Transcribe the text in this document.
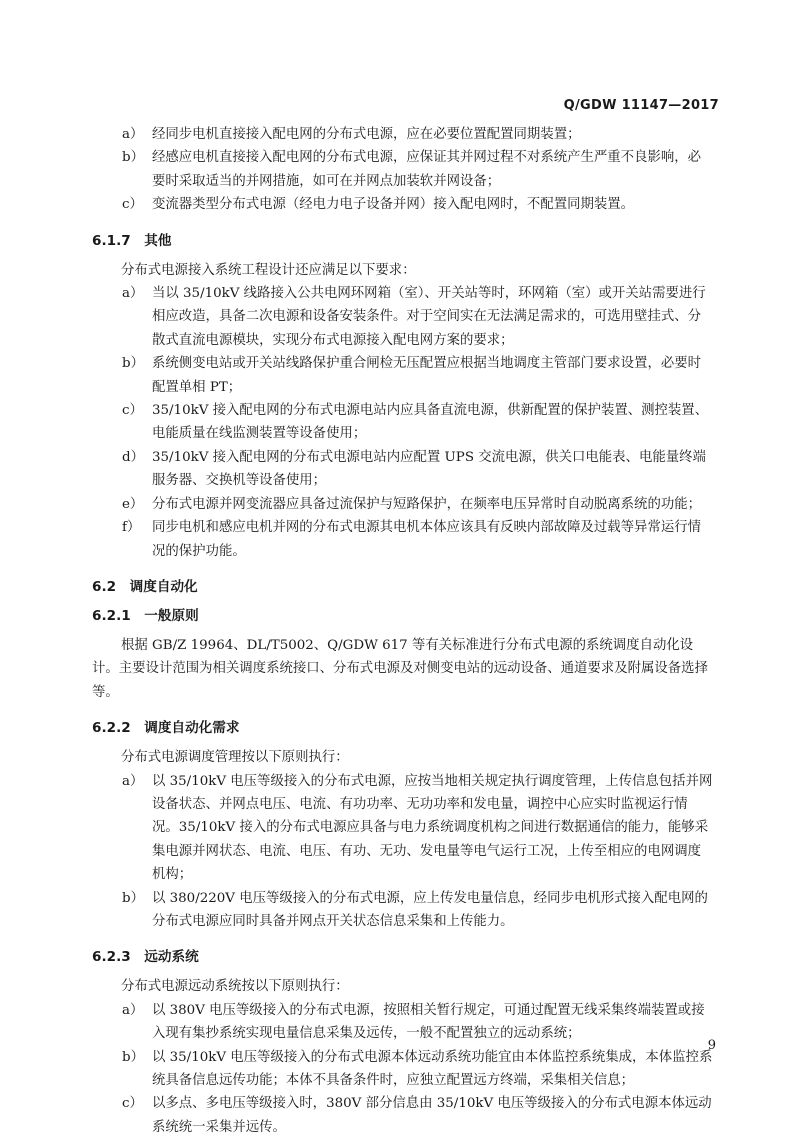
Q/GDW 11147—2017
a） 经同步电机直接接入配电网的分布式电源，应在必要位置配置同期装置；
b） 经感应电机直接接入配电网的分布式电源，应保证其并网过程不对系统产生严重不良影响，必要时采取适当的并网措施，如可在并网点加装软并网设备；
c） 变流器类型分布式电源（经电力电子设备并网）接入配电网时，不配置同期装置。
6.1.7　其他
分布式电源接入系统工程设计还应满足以下要求：
a） 当以 35/10kV 线路接入公共电网环网箱（室）、开关站等时，环网箱（室）或开关站需要进行相应改造，具备二次电源和设备安装条件。对于空间实在无法满足需求的，可选用壁挂式、分散式直流电源模块，实现分布式电源接入配电网方案的要求；
b） 系统侧变电站或开关站线路保护重合闸检无压配置应根据当地调度主管部门要求设置，必要时配置单相 PT；
c） 35/10kV 接入配电网的分布式电源电站内应具备直流电源，供新配置的保护装置、测控装置、电能质量在线监测装置等设备使用；
d） 35/10kV 接入配电网的分布式电源电站内应配置 UPS 交流电源，供关口电能表、电能量终端服务器、交换机等设备使用；
e） 分布式电源并网变流器应具备过流保护与短路保护，在频率电压异常时自动脱离系统的功能；
f） 同步电机和感应电机并网的分布式电源其电机本体应该具有反映内部故障及过载等异常运行情况的保护功能。
6.2　调度自动化
6.2.1　一般原则
根据 GB/Z 19964、DL/T5002、Q/GDW 617 等有关标准进行分布式电源的系统调度自动化设计。主要设计范围为相关调度系统接口、分布式电源及对侧变电站的远动设备、通道要求及附属设备选择等。
6.2.2　调度自动化需求
分布式电源调度管理按以下原则执行：
a） 以 35/10kV 电压等级接入的分布式电源，应按当地相关规定执行调度管理，上传信息包括并网设备状态、并网点电压、电流、有功功率、无功功率和发电量，调控中心应实时监视运行情况。35/10kV 接入的分布式电源应具备与电力系统调度机构之间进行数据通信的能力，能够采集电源并网状态、电流、电压、有功、无功、发电量等电气运行工况，上传至相应的电网调度机构；
b） 以 380/220V 电压等级接入的分布式电源，应上传发电量信息，经同步电机形式接入配电网的分布式电源应同时具备并网点开关状态信息采集和上传能力。
6.2.3　远动系统
分布式电源远动系统按以下原则执行：
a） 以 380V 电压等级接入的分布式电源，按照相关暂行规定，可通过配置无线采集终端装置或接入现有集抄系统实现电量信息采集及远传，一般不配置独立的远动系统；
b） 以 35/10kV 电压等级接入的分布式电源本体远动系统功能宜由本体监控系统集成，本体监控系统具备信息远传功能；本体不具备条件时，应独立配置远方终端，采集相关信息；
c） 以多点、多电压等级接入时，380V 部分信息由 35/10kV 电压等级接入的分布式电源本体远动系统统一采集并远传。
9
